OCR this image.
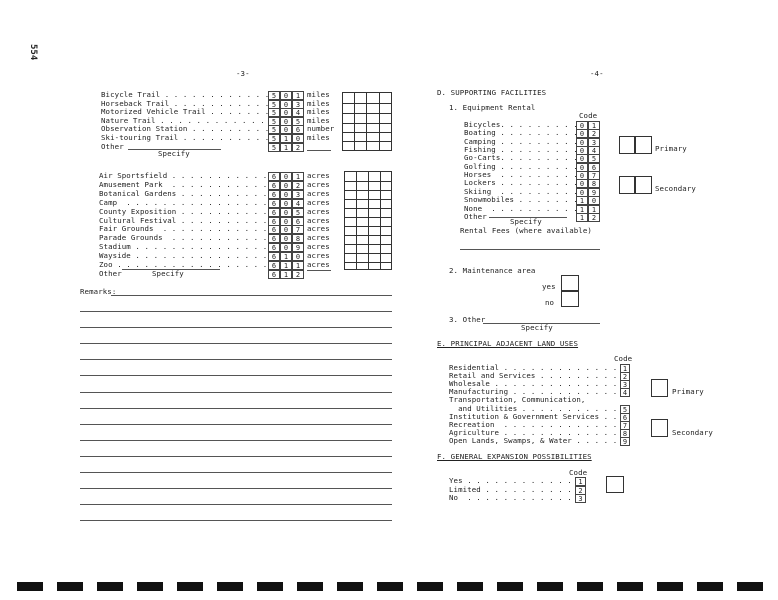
554
-3-
Bicycle Trail . . . . . . . . . . . . 5	0	1 miles
Horseback Trail . . . . . . . . . . . 5	0	3 miles
Motorized Vehicle Trail . . . . . . . 5	0	4 miles
Nature Trail . . . . . . . . . . . .	5	0	5 miles
Observation Station . . . . . . . . . 5	0	6 number
Ski-touring Trail . . . . . . . . . . 5	1	0 miles
Other	5	1	2
Specify
Air Sportsfield . . . . . . . . . . . 6	0	1 acres
Amusement Park  . . . . . . . . . . . 6	0	2 acres
Botanical Gardens . . . . . . . . . . 6	0	3 acres
Camp  . . . . . . . . . . . . . . . . 6	0	4 acres
County Exposition . . . . . . . . . . 6	0	5 acres
Cultural Festival . . . . . . . . . . 6	0	6 acres
Fair Grounds  . . . . . . . . . . . . 6	0	7 acres
Parade Grounds  . . . . . . . . . . . 6	0	8 acres
Stadium . . . . . . . . . . . . . . . 6	0	9 acres
Wayside . . . . . . . . . . . . . . . 6	1	0 acres
Zoo . . . . . . . . . . . . . . . . . 6	1	1 acres
Other	6	1	2
Specify
Remarks:
-4-
D. SUPPORTING FACILITIES
1. Equipment Rental
Code
Bicycles. . . . . . . . . 0	1
Boating . . . . . . . . . 0	2
Camping . . . . . . . . . 0	3
Fishing . . . . . . . . . 0	4
Go-Carts. . . . . . . . . 0	5
Golfing . . . . . . . . . 0	6
Horses  . . . . . . . . . 0	7
Lockers . . . . . . . . . 0	8
Skiing  . . . . . . . . . 0	9
Snowmobiles . . . . . . . 1	0
None  . . . . . . . . . . 1	1
Other	1	2
Specify
Primary
Secondary
Rental Fees (where available)
2. Maintenance area
yes
no
3. Other
Specify
E. PRINCIPAL ADJACENT LAND USES
Code
Residential . . . . . . . . . . . . . 1
Retail and Services . . . . . . . . . 2
Wholesale . . . . . . . . . . . . . . 3
Manufacturing . . . . . . . . . . . . 4
Transportation, Communication,
and Utilities . . . . . . . . . . . 5
Institution & Government Services . . 6
Recreation  . . . . . . . . . . . . . 7
Agriculture . . . . . . . . . . . . . 8
Open Lands, Swamps, & Water . . . . . 9
Primary
Secondary
F. GENERAL EXPANSION POSSIBILITIES
Code
Yes . . . . . . . . . . . . 1
Limited . . . . . . . . . . 2
No  . . . . . . . . . . . . 3
